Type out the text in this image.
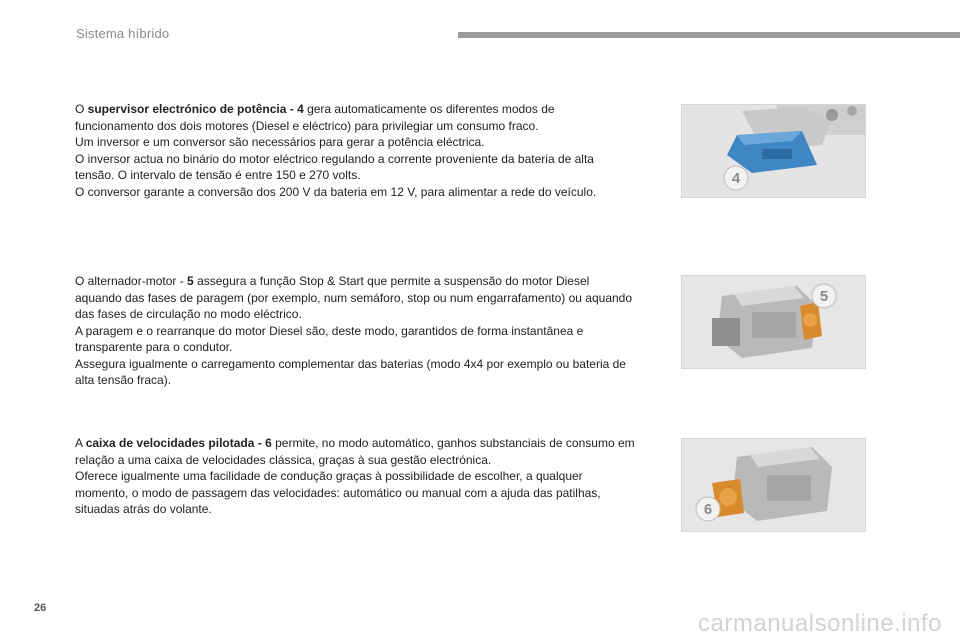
Sistema híbrido

O supervisor electrónico de potência - 4 gera automaticamente os diferentes modos de funcionamento dos dois motores (Diesel e eléctrico) para privilegiar um consumo fraco.

Um inversor e um conversor são necessários para gerar a potência eléctrica.

O inversor actua no binário do motor eléctrico regulando a corrente proveniente da bateria de alta tensão. O intervalo de tensão é entre 150 e 270 volts.

O conversor garante a conversão dos 200 V da bateria em 12 V, para alimentar a rede do veículo.

4

O alternador-motor - 5 assegura a função Stop & Start que permite a suspensão do motor Diesel aquando das fases de paragem (por exemplo, num semáforo, stop ou num engarrafamento) ou aquando das fases de circulação no modo eléctrico.

A paragem e o rearranque do motor Diesel são, deste modo, garantidos de forma instantânea e transparente para o condutor.

Assegura igualmente o carregamento complementar das baterias (modo 4x4 por exemplo ou bateria de alta tensão fraca).

5

A caixa de velocidades pilotada - 6 permite, no modo automático, ganhos substanciais de consumo em relação a uma caixa de velocidades clássica, graças à sua gestão electrónica.

Oferece igualmente uma facilidade de condução graças à possibilidade de escolher, a qualquer momento, o modo de passagem das velocidades: automático ou manual com a ajuda das patilhas, situadas atrás do volante.	6
26
carmanualsonline.info
